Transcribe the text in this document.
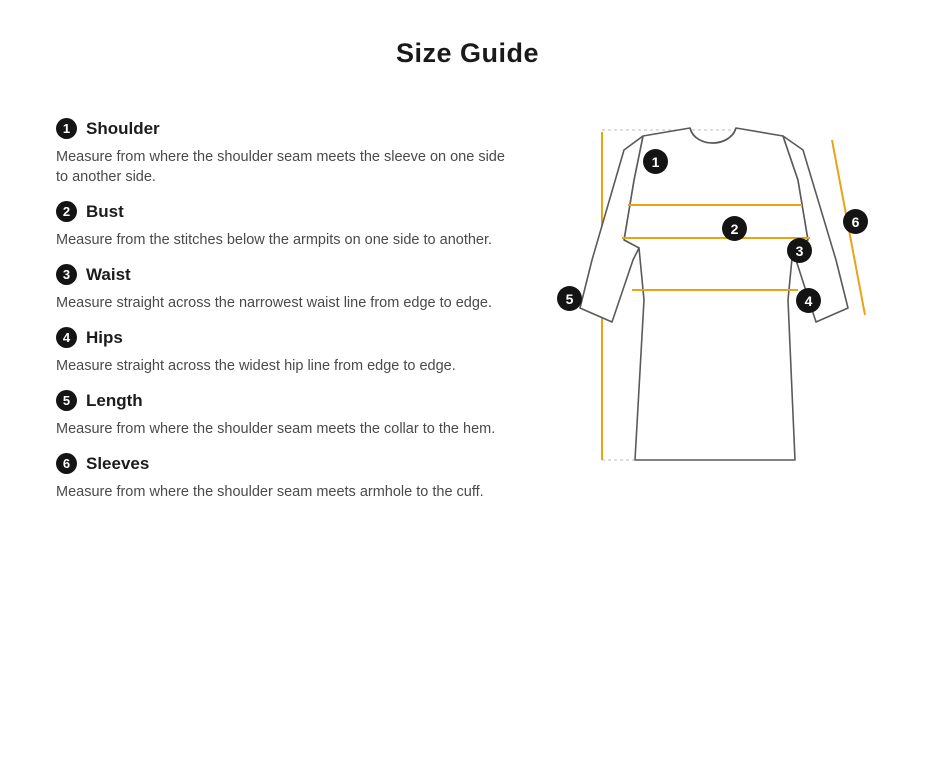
Size Guide
1 Shoulder

Measure from where the shoulder seam meets the sleeve on one side to another side.

2 Bust

Measure from the stitches below the armpits on one side to another.

3 Waist

Measure straight across the narrowest waist line from edge to edge.

4 Hips

Measure straight across the widest hip line from edge to edge.

5 Length

Measure from where the shoulder seam meets the collar to the hem.

6 Sleeves

Measure from where the shoulder seam meets armhole to the cuff.

1
2
3
4
5
6
